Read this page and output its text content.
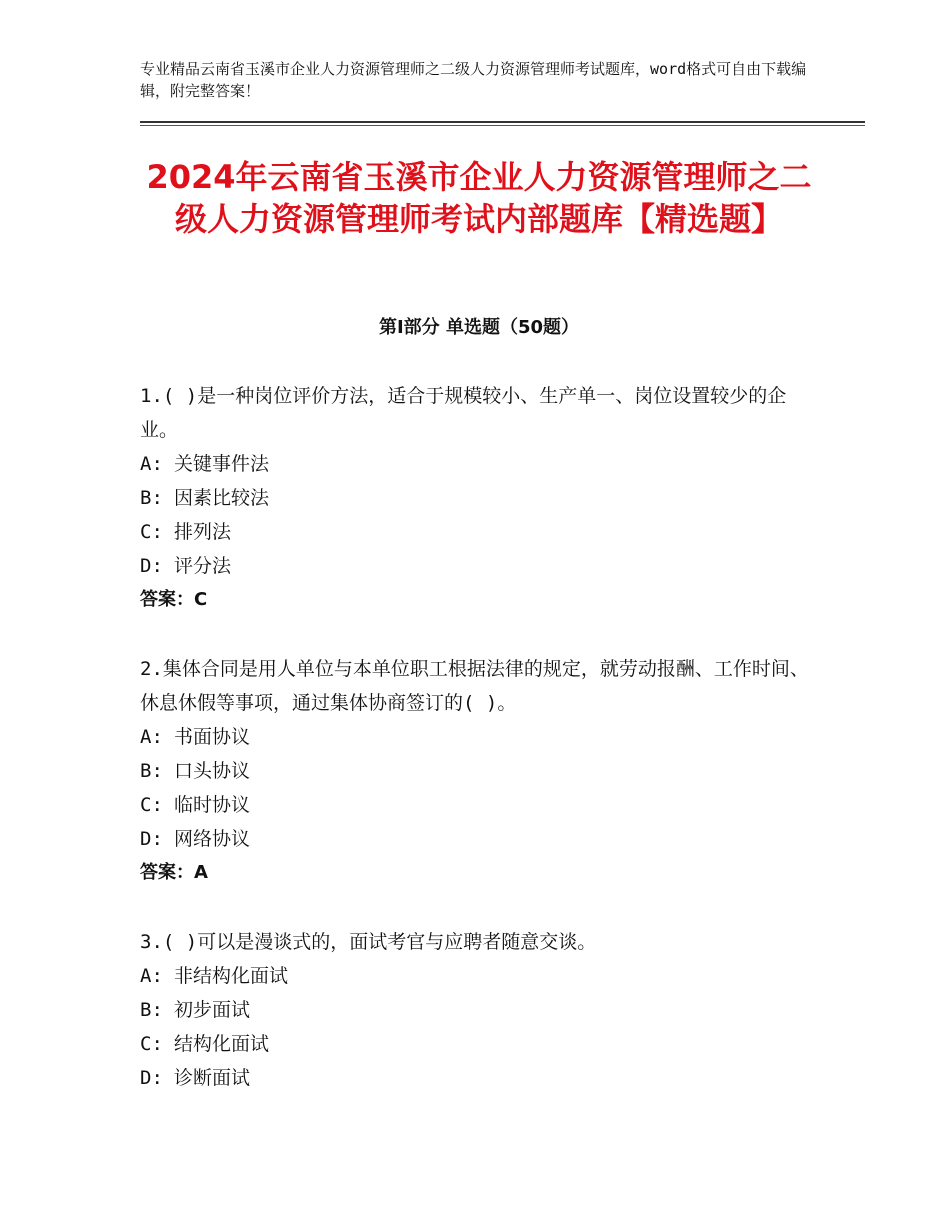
专业精品云南省玉溪市企业人力资源管理师之二级人力资源管理师考试题库，word格式可自由下载编辑，附完整答案！
2024年云南省玉溪市企业人力资源管理师之二级人力资源管理师考试内部题库【精选题】
第Ⅰ部分 单选题（50题）

1.( )是一种岗位评价方法，适合于规模较小、生产单一、岗位设置较少的企业。

A: 关键事件法

B: 因素比较法

C: 排列法

D: 评分法

答案：C

2.集体合同是用人单位与本单位职工根据法律的规定，就劳动报酬、工作时间、休息休假等事项，通过集体协商签订的( )。

A: 书面协议

B: 口头协议

C: 临时协议

D: 网络协议

答案：A

3.( )可以是漫谈式的，面试考官与应聘者随意交谈。

A: 非结构化面试

B: 初步面试

C: 结构化面试

D: 诊断面试
